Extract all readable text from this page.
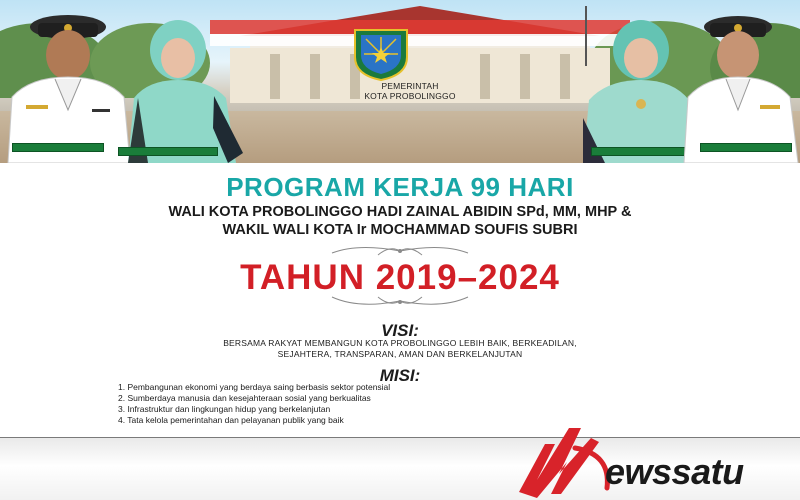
PEMERINTAH
KOTA PROBOLINGGO
PROGRAM KERJA 99 HARI
WALI KOTA PROBOLINGGO HADI ZAINAL ABIDIN SPd, MM, MHP &
WAKIL WALI KOTA Ir MOCHAMMAD SOUFIS SUBRI
TAHUN 2019–2024
VISI:
BERSAMA RAKYAT MEMBANGUN KOTA PROBOLINGGO LEBIH BAIK, BERKEADILAN,
SEJAHTERA, TRANSPARAN, AMAN DAN BERKELANJUTAN
MISI:
1. Pembangunan ekonomi yang berdaya saing berbasis sektor potensial
2. Sumberdaya manusia dan kesejahteraan sosial yang berkualitas
3. Infrastruktur dan lingkungan hidup yang berkelanjutan
4. Tata kelola pemerintahan dan pelayanan publik yang baik
ewssatu
